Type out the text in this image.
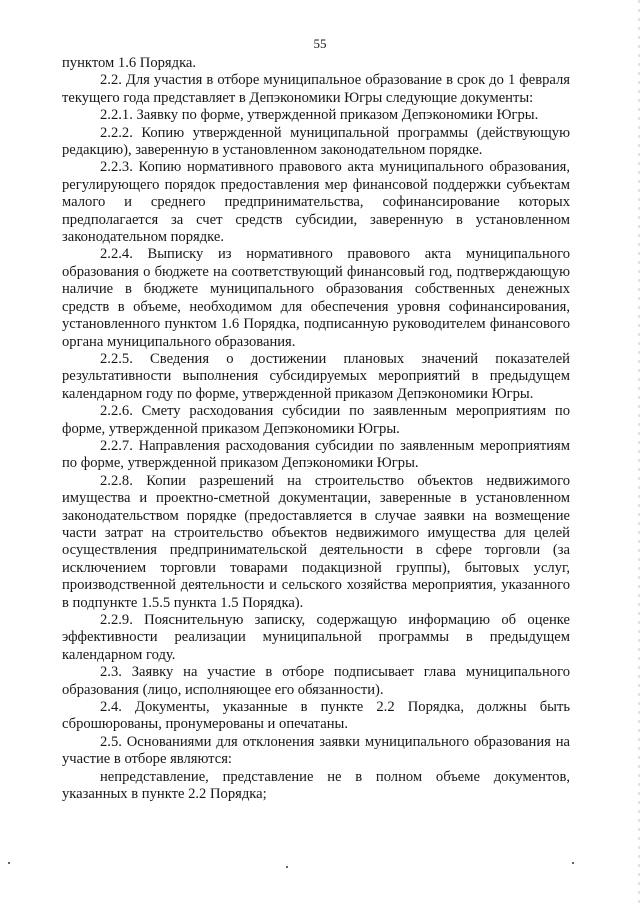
55

пунктом 1.6 Порядка.

2.2. Для участия в отборе муниципальное образование в срок до 1 февраля текущего года представляет в Депэкономики Югры следующие документы:

2.2.1. Заявку по форме, утвержденной приказом Депэкономики Югры.

2.2.2. Копию утвержденной муниципальной программы (действующую редакцию), заверенную в установленном законодательном порядке.

2.2.3. Копию нормативного правового акта муниципального образования, регулирующего порядок предоставления мер финансовой поддержки субъектам малого и среднего предпринимательства, софинансирование которых предполагается за счет средств субсидии, заверенную в установленном законодательном порядке.

2.2.4. Выписку из нормативного правового акта муниципального образования о бюджете на соответствующий финансовый год, подтверждающую наличие в бюджете муниципального образования собственных денежных средств в объеме, необходимом для обеспечения уровня софинансирования, установленного пунктом 1.6 Порядка, подписанную руководителем финансового органа муниципального образования.

2.2.5. Сведения о достижении плановых значений показателей результативности выполнения субсидируемых мероприятий в предыдущем календарном году по форме, утвержденной приказом Депэкономики Югры.

2.2.6. Смету расходования субсидии по заявленным мероприятиям по форме, утвержденной приказом Депэкономики Югры.

2.2.7. Направления расходования субсидии по заявленным мероприятиям по форме, утвержденной приказом Депэкономики Югры.

2.2.8. Копии разрешений на строительство объектов недвижимого имущества и проектно-сметной документации, заверенные в установленном законодательством порядке (предоставляется в случае заявки на возмещение части затрат на строительство объектов недвижимого имущества для целей осуществления предпринимательской деятельности в сфере торговли (за исключением торговли товарами подакцизной группы), бытовых услуг, производственной деятельности и сельского хозяйства мероприятия, указанного в подпункте 1.5.5 пункта 1.5 Порядка).

2.2.9. Пояснительную записку, содержащую информацию об оценке эффективности реализации муниципальной программы в предыдущем календарном году.

2.3. Заявку на участие в отборе подписывает глава муниципального образования (лицо, исполняющее его обязанности).

2.4. Документы, указанные в пункте 2.2 Порядка, должны быть сброшюрованы, пронумерованы и опечатаны.

2.5. Основаниями для отклонения заявки муниципального образования на участие в отборе являются:

непредставление, представление не в полном объеме документов, указанных в пункте 2.2 Порядка;
